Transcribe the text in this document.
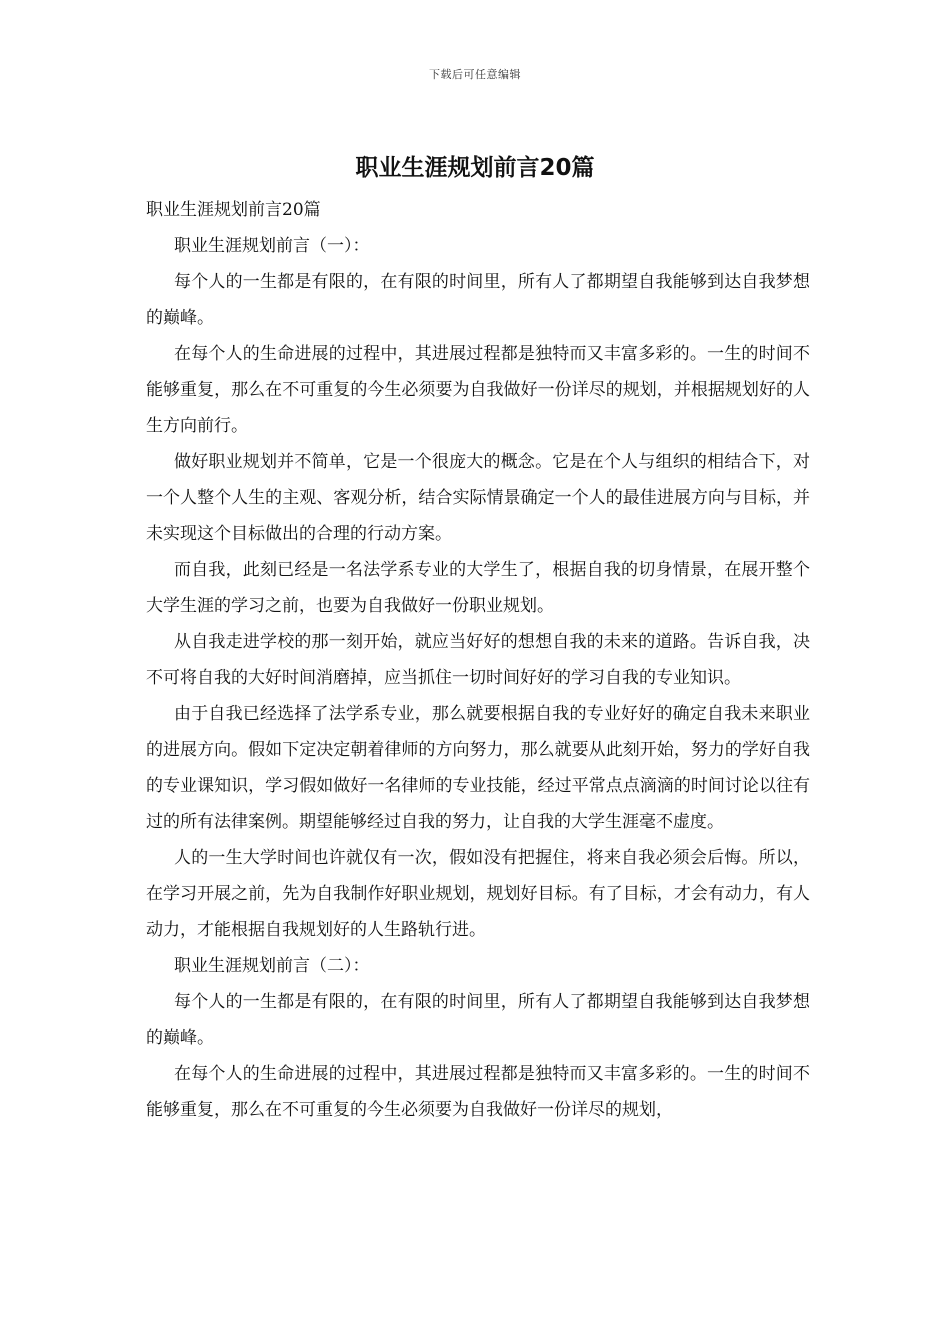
下载后可任意编辑
职业生涯规划前言20篇

职业生涯规划前言20篇

职业生涯规划前言（一）：

每个人的一生都是有限的，在有限的时间里，所有人了都期望自我能够到达自我梦想的巅峰。

在每个人的生命进展的过程中，其进展过程都是独特而又丰富多彩的。一生的时间不能够重复，那么在不可重复的今生必须要为自我做好一份详尽的规划，并根据规划好的人生方向前行。

做好职业规划并不简单，它是一个很庞大的概念。它是在个人与组织的相结合下，对一个人整个人生的主观、客观分析，结合实际情景确定一个人的最佳进展方向与目标，并未实现这个目标做出的合理的行动方案。

而自我，此刻已经是一名法学系专业的大学生了，根据自我的切身情景，在展开整个大学生涯的学习之前，也要为自我做好一份职业规划。

从自我走进学校的那一刻开始，就应当好好的想想自我的未来的道路。告诉自我，决不可将自我的大好时间消磨掉，应当抓住一切时间好好的学习自我的专业知识。

由于自我已经选择了法学系专业，那么就要根据自我的专业好好的确定自我未来职业的进展方向。假如下定决定朝着律师的方向努力，那么就要从此刻开始，努力的学好自我的专业课知识，学习假如做好一名律师的专业技能，经过平常点点滴滴的时间讨论以往有过的所有法律案例。期望能够经过自我的努力，让自我的大学生涯毫不虚度。

人的一生大学时间也许就仅有一次，假如没有把握住，将来自我必须会后悔。所以，在学习开展之前，先为自我制作好职业规划，规划好目标。有了目标，才会有动力，有人动力，才能根据自我规划好的人生路轨行进。

职业生涯规划前言（二）：

每个人的一生都是有限的，在有限的时间里，所有人了都期望自我能够到达自我梦想的巅峰。

在每个人的生命进展的过程中，其进展过程都是独特而又丰富多彩的。一生的时间不能够重复，那么在不可重复的今生必须要为自我做好一份详尽的规划，
